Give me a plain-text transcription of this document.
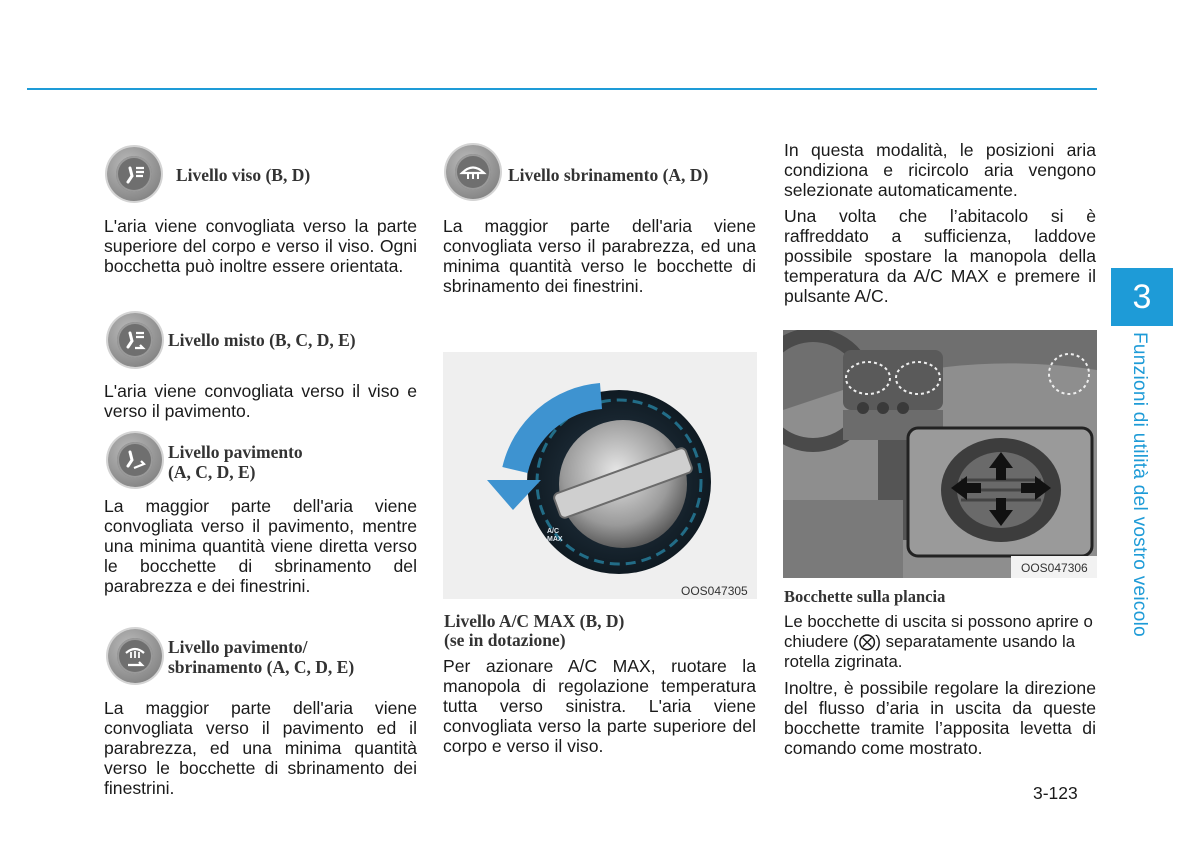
Livello viso (B, D)

L'aria viene convogliata verso la parte superiore del corpo e verso il viso. Ogni bocchetta può inoltre essere orientata.

Livello misto (B, C, D, E)

L'aria viene convogliata verso il viso e verso il pavimento.

Livello pavimento
(A, C, D, E)

La maggior parte dell'aria viene convogliata verso il pavimento, mentre una minima quantità viene diretta verso le bocchette di sbrinamento del parabrezza e dei finestrini.

Livello pavimento/
sbrinamento (A, C, D, E)

La maggior parte dell'aria viene convogliata verso il pavimento ed il parabrezza, ed una minima quantità verso le bocchette di sbrinamento dei finestrini.

Livello sbrinamento (A, D)

La maggior parte dell'aria viene convogliata verso il parabrezza, ed una minima quantità verso le bocchette di sbrinamento dei finestrini.

A/C
MAX
OOS047305
Livello A/C MAX (B, D)
(se in dotazione)

Per azionare A/C MAX, ruotare la manopola di regolazione temperatura tutta verso sinistra. L'aria viene convogliata verso la parte superiore del corpo e verso il viso.

In questa modalità, le posizioni aria condiziona e ricircolo aria vengono selezionate automaticamente.

Una volta che l’abitacolo si è raffreddato a sufficienza, laddove possibile spostare la manopola della temperatura da A/C MAX e premere il pulsante A/C.

OOS047306
Bocchette sulla plancia

Le bocchette di uscita si possono aprire o chiudere (⨂) separatamente usando la rotella zigrinata.

Inoltre, è possibile regolare la direzione del flusso d’aria in uscita da queste bocchette tramite l’apposita levetta di comando come mostrato.

3
Funzioni di utilità del vostro veicolo
3-123
